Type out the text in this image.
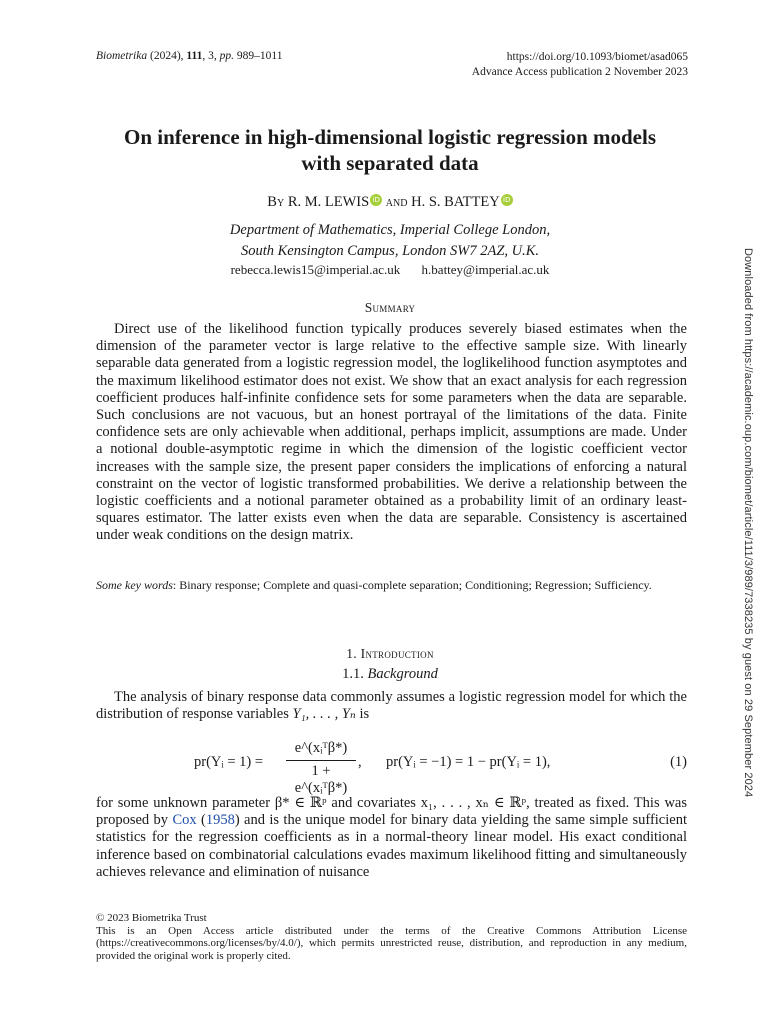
Biometrika (2024), 111, 3, pp. 989–1011	https://doi.org/10.1093/biomet/asad065
Advance Access publication 2 November 2023
On inference in high-dimensional logistic regression models
with separated data
By R. M. LEWIS iD and H. S. BATTEY iD
Department of Mathematics, Imperial College London,
South Kensington Campus, London SW7 2AZ, U.K.
rebecca.lewis15@imperial.ac.uk h.battey@imperial.ac.uk
Summary

Direct use of the likelihood function typically produces severely biased estimates when the dimension of the parameter vector is large relative to the effective sample size. With linearly separable data generated from a logistic regression model, the loglikelihood function asymptotes and the maximum likelihood estimator does not exist. We show that an exact analysis for each regression coefficient produces half-infinite confidence sets for some parameters when the data are separable. Such conclusions are not vacuous, but an honest portrayal of the limitations of the data. Finite confidence sets are only achievable when additional, perhaps implicit, assumptions are made. Under a notional double-asymptotic regime in which the dimension of the logistic coefficient vector increases with the sample size, the present paper considers the implications of enforcing a natural constraint on the vector of logistic transformed probabilities. We derive a relationship between the logistic coefficients and a notional parameter obtained as a probability limit of an ordinary least-squares estimator. The latter exists even when the data are separable. Consistency is ascertained under weak conditions on the design matrix.

Some key words: Binary response; Complete and quasi-complete separation; Conditioning; Regression; Sufficiency.
1. Introduction
1.1. Background

The analysis of binary response data commonly assumes a logistic regression model for which the distribution of response variables Y₁, . . . , Yₙ is

pr(Yᵢ = 1) =
e^(xᵢᵀβ*)
1 + e^(xᵢᵀβ*)
, pr(Yᵢ = −1) = 1 − pr(Yᵢ = 1),	(1)

for some unknown parameter β* ∈ ℝᵖ and covariates x₁, . . . , xₙ ∈ ℝᵖ, treated as fixed. This was proposed by Cox (1958) and is the unique model for binary data yielding the same simple sufficient statistics for the regression coefficients as in a normal-theory linear model. His exact conditional inference based on combinatorial calculations evades maximum likelihood fitting and simultaneously achieves relevance and elimination of nuisance

© 2023 Biometrika Trust
This is an Open Access article distributed under the terms of the Creative Commons Attribution License (https://creativecommons.org/licenses/by/4.0/), which permits unrestricted reuse, distribution, and reproduction in any medium, provided the original work is properly cited.
Downloaded from https://academic.oup.com/biomet/article/111/3/989/7338235 by guest on 29 September 2024
